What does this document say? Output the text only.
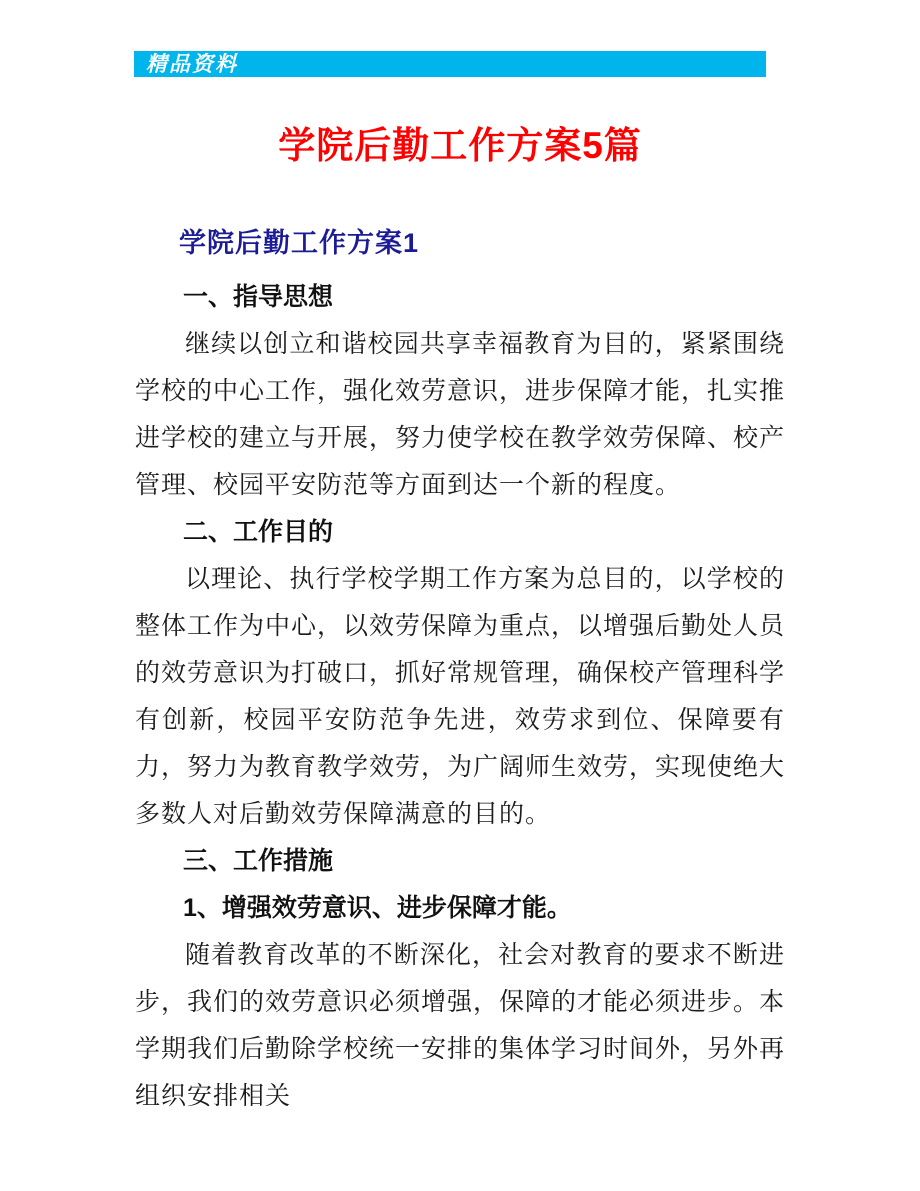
精品资料
学院后勤工作方案5篇
学院后勤工作方案1
一、指导思想

继续以创立和谐校园共享幸福教育为目的，紧紧围绕学校的中心工作，强化效劳意识，进步保障才能，扎实推进学校的建立与开展，努力使学校在教学效劳保障、校产管理、校园平安防范等方面到达一个新的程度。

二、工作目的

以理论、执行学校学期工作方案为总目的，以学校的整体工作为中心，以效劳保障为重点，以增强后勤处人员的效劳意识为打破口，抓好常规管理，确保校产管理科学有创新，校园平安防范争先进，效劳求到位、保障要有力，努力为教育教学效劳，为广阔师生效劳，实现使绝大多数人对后勤效劳保障满意的目的。

三、工作措施
1、增强效劳意识、进步保障才能。

随着教育改革的不断深化，社会对教育的要求不断进步，我们的效劳意识必须增强，保障的才能必须进步。本学期我们后勤除学校统一安排的集体学习时间外，另外再组织安排相关
